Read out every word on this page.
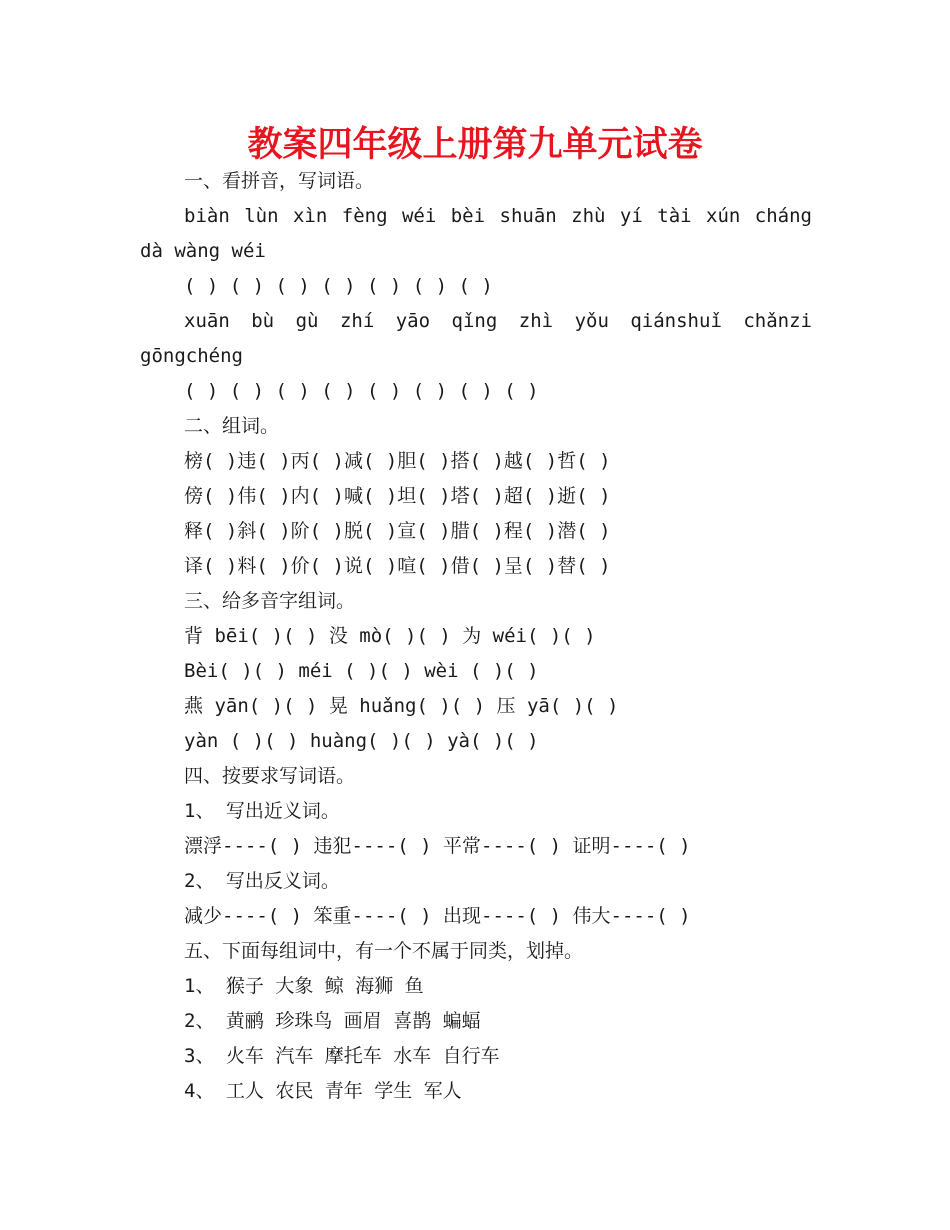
教案四年级上册第九单元试卷
一、看拼音，写词语。
biàn lùn xìn fèng wéi bèi shuān zhù yí tài xún cháng
dà wàng wéi
( ) ( ) ( ) ( ) ( ) ( ) ( )
xuān bù gù zhí yāo qǐng zhì yǒu qiánshuǐ chǎnzi
gōngchéng
( ) ( ) ( ) ( ) ( ) ( ) ( ) ( )
二、组词。
榜( )违( )丙( )减( )胆( )搭( )越( )哲( )
傍( )伟( )内( )喊( )坦( )塔( )超( )逝( )
释( )斜( )阶( )脱( )宣( )腊( )程( )潜( )
译( )料( )价( )说( )喧( )借( )呈( )替( )
三、给多音字组词。
背 bēi( )( ) 没 mò( )( ) 为 wéi( )( )
Bèi( )( ) méi ( )( ) wèi ( )( )
燕 yān( )( ) 晃 huǎng( )( ) 压 yā( )( )
yàn ( )( ) huàng( )( ) yà( )( )
四、按要求写词语。
1、 写出近义词。
漂浮----( ) 违犯----( ) 平常----( ) 证明----( )
2、 写出反义词。
减少----( ) 笨重----( ) 出现----( ) 伟大----( )
五、下面每组词中，有一个不属于同类，划掉。
1、 猴子 大象 鲸 海狮 鱼
2、 黄鹂 珍珠鸟 画眉 喜鹊 蝙蝠
3、 火车 汽车 摩托车 水车 自行车
4、 工人 农民 青年 学生 军人
